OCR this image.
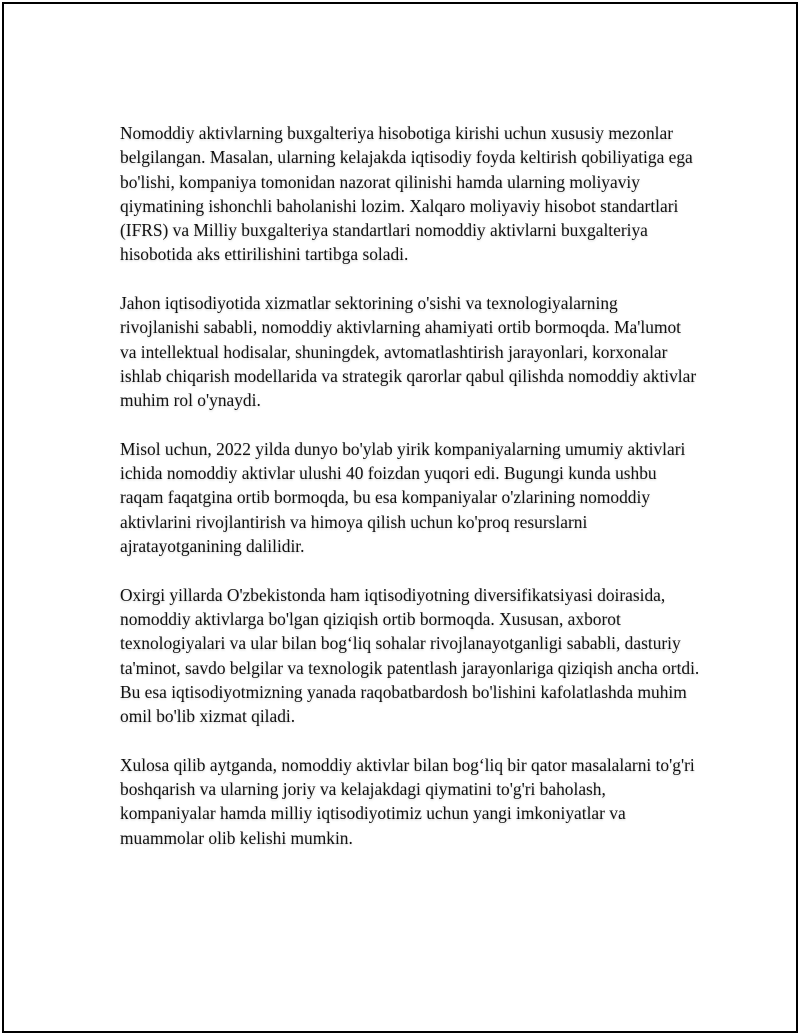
Nomoddiy aktivlarning buxgalteriya hisobotiga kirishi uchun xususiy mezonlar belgilangan. Masalan, ularning kelajakda iqtisodiy foyda keltirish qobiliyatiga ega bo'lishi, kompaniya tomonidan nazorat qilinishi hamda ularning moliyaviy qiymatining ishonchli baholanishi lozim. Xalqaro moliyaviy hisobot standartlari (IFRS) va Milliy buxgalteriya standartlari nomoddiy aktivlarni buxgalteriya hisobotida aks ettirilishini tartibga soladi.

Jahon iqtisodiyotida xizmatlar sektorining o'sishi va texnologiyalarning rivojlanishi sababli, nomoddiy aktivlarning ahamiyati ortib bormoqda. Ma'lumot va intellektual hodisalar, shuningdek, avtomatlashtirish jarayonlari, korxonalar ishlab chiqarish modellarida va strategik qarorlar qabul qilishda nomoddiy aktivlar muhim rol o'ynaydi.

Misol uchun, 2022 yilda dunyo bo'ylab yirik kompaniyalarning umumiy aktivlari ichida nomoddiy aktivlar ulushi 40 foizdan yuqori edi. Bugungi kunda ushbu raqam faqatgina ortib bormoqda, bu esa kompaniyalar o'zlarining nomoddiy aktivlarini rivojlantirish va himoya qilish uchun ko'proq resurslarni ajratayotganining dalilidir.

Oxirgi yillarda O'zbekistonda ham iqtisodiyotning diversifikatsiyasi doirasida, nomoddiy aktivlarga bo'lgan qiziqish ortib bormoqda. Xususan, axborot texnologiyalari va ular bilan bog‘liq sohalar rivojlanayotganligi sababli, dasturiy ta'minot, savdo belgilar va texnologik patentlash jarayonlariga qiziqish ancha ortdi. Bu esa iqtisodiyotmizning yanada raqobatbardosh bo'lishini kafolatlashda muhim omil bo'lib xizmat qiladi.

Xulosa qilib aytganda, nomoddiy aktivlar bilan bog‘liq bir qator masalalarni to'g'ri boshqarish va ularning joriy va kelajakdagi qiymatini to'g'ri baholash, kompaniyalar hamda milliy iqtisodiyotimiz uchun yangi imkoniyatlar va muammolar olib kelishi mumkin.
